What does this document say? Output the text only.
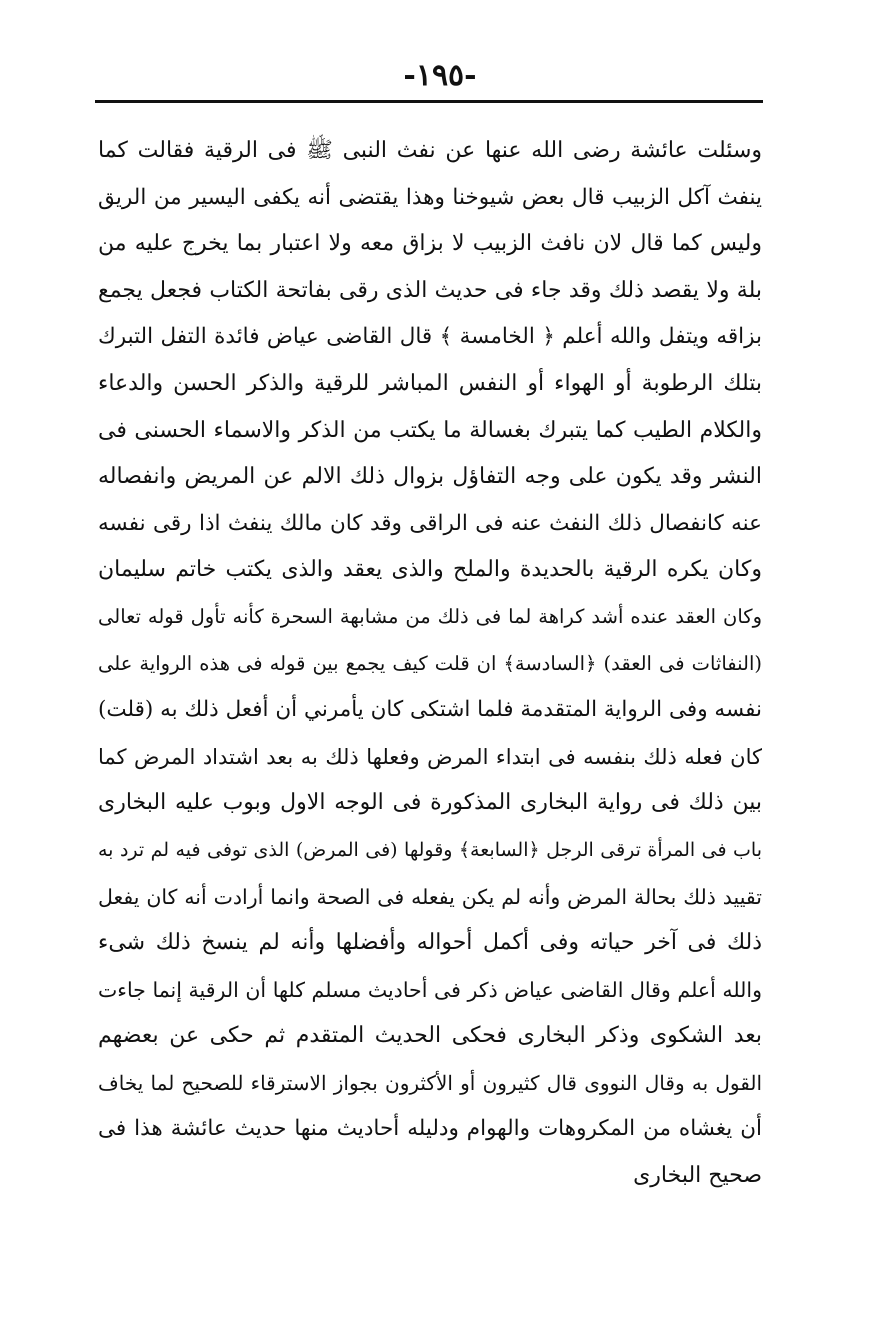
-١٩٥-
وسئلت عائشة رضى الله عنها عن نفث النبى ﷺ فى الرقية فقالت كما
ينفث آكل الزبيب قال بعض شيوخنا وهذا يقتضى أنه يكفى اليسير من الريق
وليس كما قال لان نافث الزبيب لا بزاق معه ولا اعتبار بما يخرج عليه من
بلة ولا يقصد ذلك وقد جاء فى حديث الذى رقى بفاتحة الكتاب فجعل يجمع
بزاقه ويتفل والله أعلم ﴿ الخامسة ﴾ قال القاضى عياض فائدة التفل التبرك
بتلك الرطوبة أو الهواء أو النفس المباشر للرقية والذكر الحسن والدعاء
والكلام الطيب كما يتبرك بغسالة ما يكتب من الذكر والاسماء الحسنى فى
النشر وقد يكون على وجه التفاؤل بزوال ذلك الالم عن المريض وانفصاله
عنه كانفصال ذلك النفث عنه فى الراقى وقد كان مالك ينفث اذا رقى نفسه
وكان يكره الرقية بالحديدة والملح والذى يعقد والذى يكتب خاتم سليمان
وكان العقد عنده أشد كراهة لما فى ذلك من مشابهة السحرة كأنه تأول قوله تعالى
(النفاثات فى العقد) ﴿السادسة﴾ ان قلت كيف يجمع بين قوله فى هذه الرواية على
نفسه وفى الرواية المتقدمة فلما اشتكى كان يأمرني أن أفعل ذلك به (قلت)
كان فعله ذلك بنفسه فى ابتداء المرض وفعلها ذلك به بعد اشتداد المرض كما
بين ذلك فى رواية البخارى المذكورة فى الوجه الاول وبوب عليه البخارى
باب فى المرأة ترقى الرجل ﴿السابعة﴾ وقولها (فى المرض) الذى توفى فيه لم ترد به
تقييد ذلك بحالة المرض وأنه لم يكن يفعله فى الصحة وانما أرادت أنه كان يفعل
ذلك فى آخر حياته وفى أكمل أحواله وأفضلها وأنه لم ينسخ ذلك شىء
والله أعلم وقال القاضى عياض ذكر فى أحاديث مسلم كلها أن الرقية إنما جاءت
بعد الشكوى وذكر البخارى فحكى الحديث المتقدم ثم حكى عن بعضهم
القول به وقال النووى قال كثيرون أو الأكثرون بجواز الاسترقاء للصحيح لما يخاف
أن يغشاه من المكروهات والهوام ودليله أحاديث منها حديث عائشة هذا فى
صحيح البخارى
